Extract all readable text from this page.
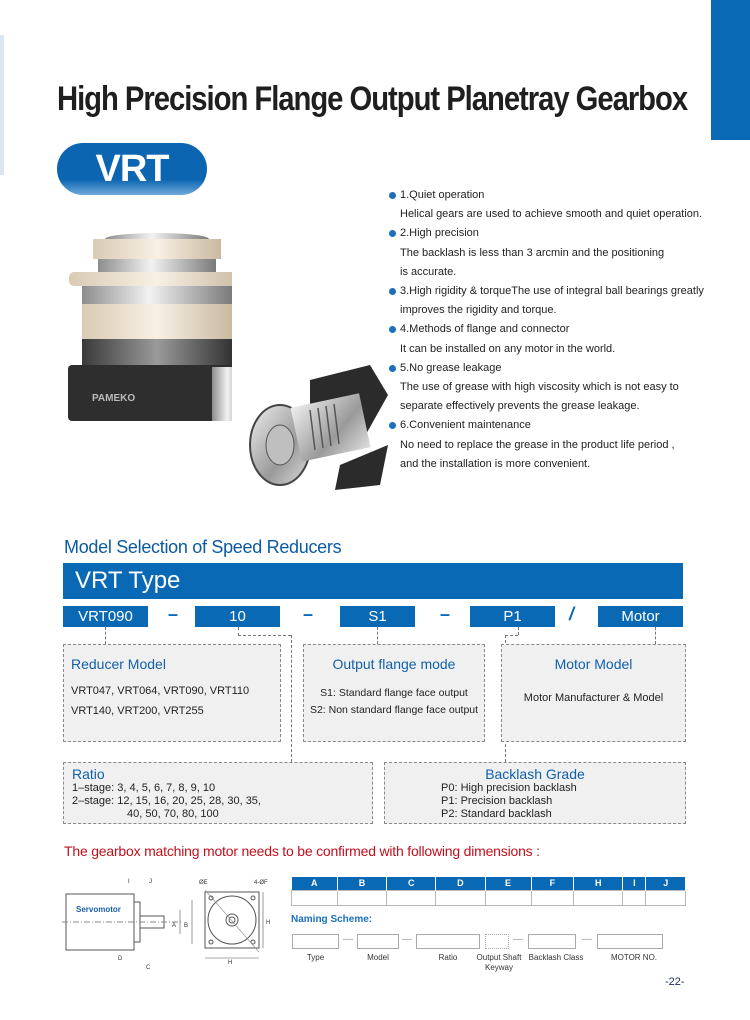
High Precision Flange Output Planetray Gearbox
VRT
PAMEKO
1.Quiet operation
Helical gears are used to achieve smooth and quiet operation.
2.High precision
The backlash is less than 3 arcmin and the positioning is accurate.
3.High rigidity & torqueThe use of integral ball bearings greatly improves the rigidity and torque.
4.Methods of flange and connector
It can be installed on any motor in the world.
5.No grease leakage
The use of grease with high viscosity which is not easy to separate effectively prevents the grease leakage.
6.Convenient maintenance
No need to replace the grease in the product life period , and the installation is more convenient.
Model Selection of Speed Reducers
VRT Type
VRT090	–	10	–	S1	–	P1	/	Motor
Reducer Model
VRT047, VRT064, VRT090, VRT110
VRT140, VRT200, VRT255
Output flange mode
S1: Standard flange face output
S2: Non standard flange face output
Motor Model
Motor Manufacturer & Model
Ratio
1–stage: 3, 4, 5, 6, 7, 8, 9, 10
2–stage: 12, 15, 16, 20, 25, 28, 30, 35,
40, 50, 70, 80, 100
Backlash Grade
P0: High precision backlash
P1: Precision backlash
P2: Standard backlash
The gearbox matching motor needs to be confirmed with following dimensions :
Servomotor
I	J
A B
D
C
ØE	4-ØF
H
H
A	B	C	D	E	F	H	I	J

Naming Scheme:
—	—	—	—
Type	Model	Ratio	Output Shaft Keyway
Backlash Class	MOTOR NO.
-22-
